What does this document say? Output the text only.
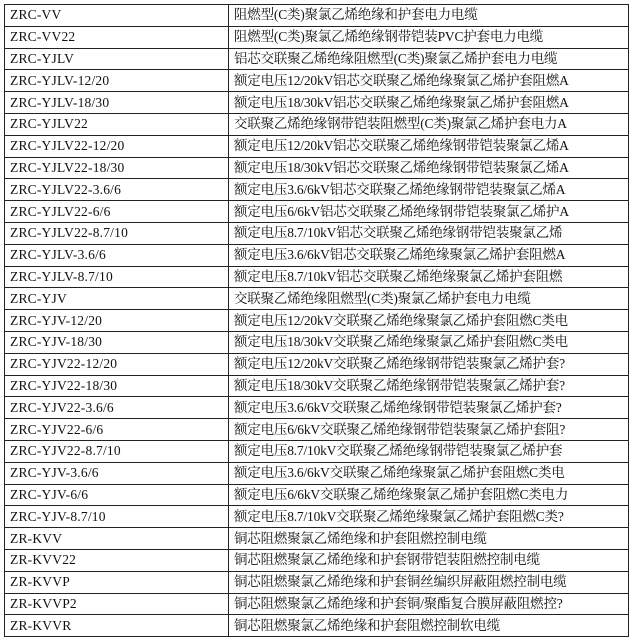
ZRC-VV	阻燃型(C类)聚氯乙烯绝缘和护套电力电缆
ZRC-VV22	阻燃型(C类)聚氯乙烯绝缘钢带铠装PVC护套电力电缆
ZRC-YJLV	铝芯交联聚乙烯绝缘阻燃型(C类)聚氯乙烯护套电力电缆
ZRC-YJLV-12/20	额定电压12/20kV铝芯交联聚乙烯绝缘聚氯乙烯护套阻燃A
ZRC-YJLV-18/30	额定电压18/30kV铝芯交联聚乙烯绝缘聚氯乙烯护套阻燃A
ZRC-YJLV22	交联聚乙烯绝缘钢带铠装阻燃型(C类)聚氯乙烯护套电力A
ZRC-YJLV22-12/20	额定电压12/20kV铝芯交联聚乙烯绝缘钢带铠装聚氯乙烯A
ZRC-YJLV22-18/30	额定电压18/30kV铝芯交联聚乙烯绝缘钢带铠装聚氯乙烯A
ZRC-YJLV22-3.6/6	额定电压3.6/6kV铝芯交联聚乙烯绝缘钢带铠装聚氯乙烯A
ZRC-YJLV22-6/6	额定电压6/6kV铝芯交联聚乙烯绝缘钢带铠装聚氯乙烯护A
ZRC-YJLV22-8.7/10	额定电压8.7/10kV铝芯交联聚乙烯绝缘钢带铠装聚氯乙烯
ZRC-YJLV-3.6/6	额定电压3.6/6kV铝芯交联聚乙烯绝缘聚氯乙烯护套阻燃A
ZRC-YJLV-8.7/10	额定电压8.7/10kV铝芯交联聚乙烯绝缘聚氯乙烯护套阻燃
ZRC-YJV	交联聚乙烯绝缘阻燃型(C类)聚氯乙烯护套电力电缆
ZRC-YJV-12/20	额定电压12/20kV交联聚乙烯绝缘聚氯乙烯护套阻燃C类电
ZRC-YJV-18/30	额定电压18/30kV交联聚乙烯绝缘聚氯乙烯护套阻燃C类电
ZRC-YJV22-12/20	额定电压12/20kV交联聚乙烯绝缘钢带铠装聚氯乙烯护套?
ZRC-YJV22-18/30	额定电压18/30kV交联聚乙烯绝缘钢带铠装聚氯乙烯护套?
ZRC-YJV22-3.6/6	额定电压3.6/6kV交联聚乙烯绝缘钢带铠装聚氯乙烯护套?
ZRC-YJV22-6/6	额定电压6/6kV交联聚乙烯绝缘钢带铠装聚氯乙烯护套阻?
ZRC-YJV22-8.7/10	额定电压8.7/10kV交联聚乙烯绝缘钢带铠装聚氯乙烯护套
ZRC-YJV-3.6/6	额定电压3.6/6kV交联聚乙烯绝缘聚氯乙烯护套阻燃C类电
ZRC-YJV-6/6	额定电压6/6kV交联聚乙烯绝缘聚氯乙烯护套阻燃C类电力
ZRC-YJV-8.7/10	额定电压8.7/10kV交联聚乙烯绝缘聚氯乙烯护套阻燃C类?
ZR-KVV	铜芯阻燃聚氯乙烯绝缘和护套阻燃控制电缆
ZR-KVV22	铜芯阻燃聚氯乙烯绝缘和护套钢带铠装阻燃控制电缆
ZR-KVVP	铜芯阻燃聚氯乙烯绝缘和护套铜丝编织屏蔽阻燃控制电缆
ZR-KVVP2	铜芯阻燃聚氯乙烯绝缘和护套铜/聚酯复合膜屏蔽阻燃控?
ZR-KVVR	铜芯阻燃聚氯乙烯绝缘和护套阻燃控制软电缆
